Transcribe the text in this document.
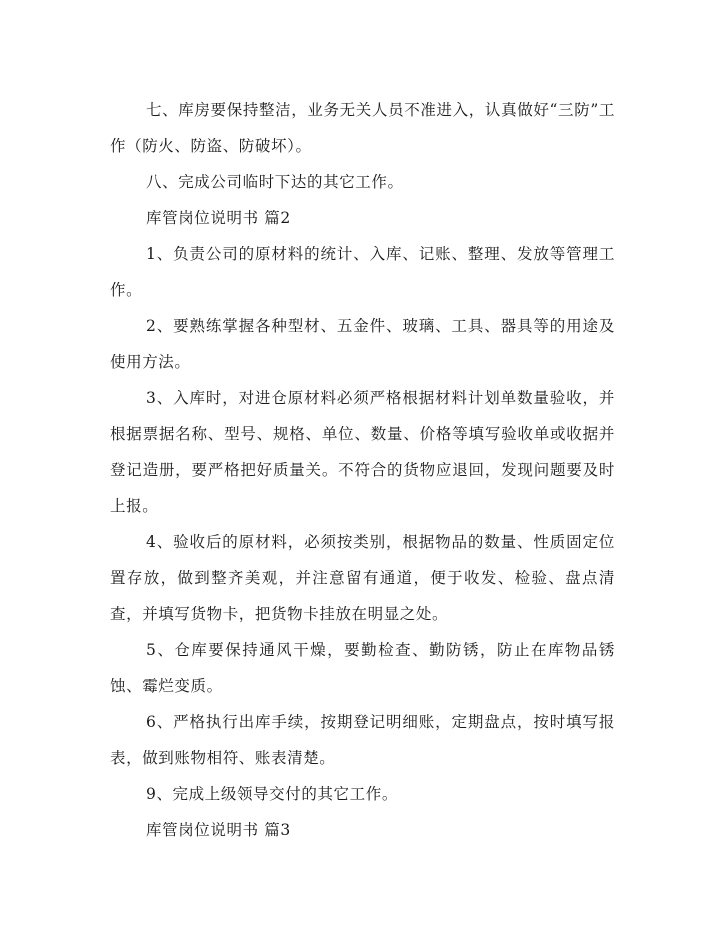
七、库房要保持整洁，业务无关人员不准进入，认真做好“三防”工作（防火、防盗、防破坏）。

八、完成公司临时下达的其它工作。

库管岗位说明书 篇2

1、负责公司的原材料的统计、入库、记账、整理、发放等管理工作。

2、要熟练掌握各种型材、五金件、玻璃、工具、器具等的用途及使用方法。

3、入库时，对进仓原材料必须严格根据材料计划单数量验收，并根据票据名称、型号、规格、单位、数量、价格等填写验收单或收据并登记造册，要严格把好质量关。不符合的货物应退回，发现问题要及时上报。

4、验收后的原材料，必须按类别，根据物品的数量、性质固定位置存放，做到整齐美观，并注意留有通道，便于收发、检验、盘点清查，并填写货物卡，把货物卡挂放在明显之处。

5、仓库要保持通风干燥，要勤检查、勤防锈，防止在库物品锈蚀、霉烂变质。

6、严格执行出库手续，按期登记明细账，定期盘点，按时填写报表，做到账物相符、账表清楚。

9、完成上级领导交付的其它工作。

库管岗位说明书 篇3
